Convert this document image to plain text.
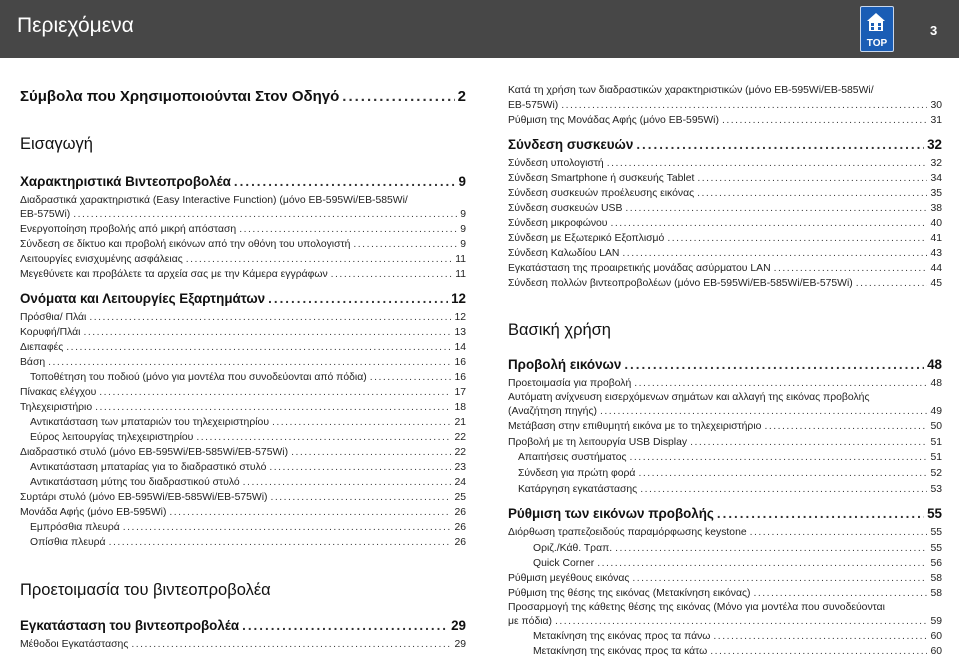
Περιεχόμενα
TOP
3
Σύμβολα που Χρησιμοποιούνται Στον Οδηγό .....	2
Εισαγωγή
Χαρακτηριστικά Βιντεοπροβολέα .....	9
Διαδραστικά χαρακτηριστικά (Easy Interactive Function) (μόνο EB-595Wi/EB-585Wi/
EB-575Wi) .....	9
Ενεργοποίηση προβολής από μικρή απόσταση .....	9
Σύνδεση σε δίκτυο και προβολή εικόνων από την οθόνη του υπολογιστή .....	9
Λειτουργίες ενισχυμένης ασφάλειας .....	11
Μεγεθύνετε και προβάλετε τα αρχεία σας με την Κάμερα εγγράφων .....	11
Ονόματα και Λειτουργίες Εξαρτημάτων .....	12
Πρόσθια/ Πλάι .....	12
Κορυφή/Πλάι .....	13
Διεπαφές .....	14
Βάση .....	16
Τοποθέτηση του ποδιού (μόνο για μοντέλα που συνοδεύονται από πόδια) .....	16
Πίνακας ελέγχου .....	17
Τηλεχειριστήριο .....	18
Αντικατάσταση των μπαταριών του τηλεχειριστηρίου .....	21
Εύρος λειτουργίας τηλεχειριστηρίου .....	22
Διαδραστικό στυλό (μόνο EB-595Wi/EB-585Wi/EB-575Wi) .....	22
Αντικατάσταση μπαταρίας για το διαδραστικό στυλό .....	23
Αντικατάσταση μύτης του διαδραστικού στυλό .....	24
Συρτάρι στυλό (μόνο EB-595Wi/EB-585Wi/EB-575Wi) .....	25
Μονάδα Αφής (μόνο EB-595Wi) .....	26
Εμπρόσθια πλευρά .....	26
Οπίσθια πλευρά .....	26
Προετοιμασία του βιντεοπροβολέα
Εγκατάσταση του βιντεοπροβολέα .....	29
Μέθοδοι Εγκατάστασης .....	29
Κατά τη χρήση των διαδραστικών χαρακτηριστικών (μόνο EB-595Wi/EB-585Wi/
EB-575Wi) .....	30
Ρύθμιση της Μονάδας Αφής (μόνο EB-595Wi) .....	31
Σύνδεση συσκευών .....	32
Σύνδεση υπολογιστή .....	32
Σύνδεση Smartphone ή συσκευής Tablet .....	34
Σύνδεση συσκευών προέλευσης εικόνας .....	35
Σύνδεση συσκευών USB .....	38
Σύνδεση μικροφώνου .....	40
Σύνδεση με Εξωτερικό Εξοπλισμό .....	41
Σύνδεση Καλωδίου LAN .....	43
Εγκατάσταση της προαιρετικής μονάδας ασύρματου LAN .....	44
Σύνδεση πολλών βιντεοπροβολέων (μόνο EB-595Wi/EB-585Wi/EB-575Wi) .....	45
Βασική χρήση
Προβολή εικόνων .....	48
Προετοιμασία για προβολή .....	48
Αυτόματη ανίχνευση εισερχόμενων σημάτων και αλλαγή της εικόνας προβολής
(Αναζήτηση πηγής) .....	49
Μετάβαση στην επιθυμητή εικόνα με το τηλεχειριστήριο .....	50
Προβολή με τη λειτουργία USB Display .....	51
Απαιτήσεις συστήματος .....	51
Σύνδεση για πρώτη φορά .....	52
Κατάργηση εγκατάστασης .....	53
Ρύθμιση των εικόνων προβολής .....	55
Διόρθωση τραπεζοειδούς παραμόρφωσης keystone .....	55
Οριζ./Κάθ. Τραπ. .....	55
Quick Corner .....	56
Ρύθμιση μεγέθους εικόνας .....	58
Ρύθμιση της θέσης της εικόνας (Μετακίνηση εικόνας) .....	58
Προσαρμογή της κάθετης θέσης της εικόνας (Μόνο για μοντέλα που συνοδεύονται
με πόδια) .....	59
Μετακίνηση της εικόνας προς τα πάνω .....	60
Μετακίνηση της εικόνας προς τα κάτω .....	60
